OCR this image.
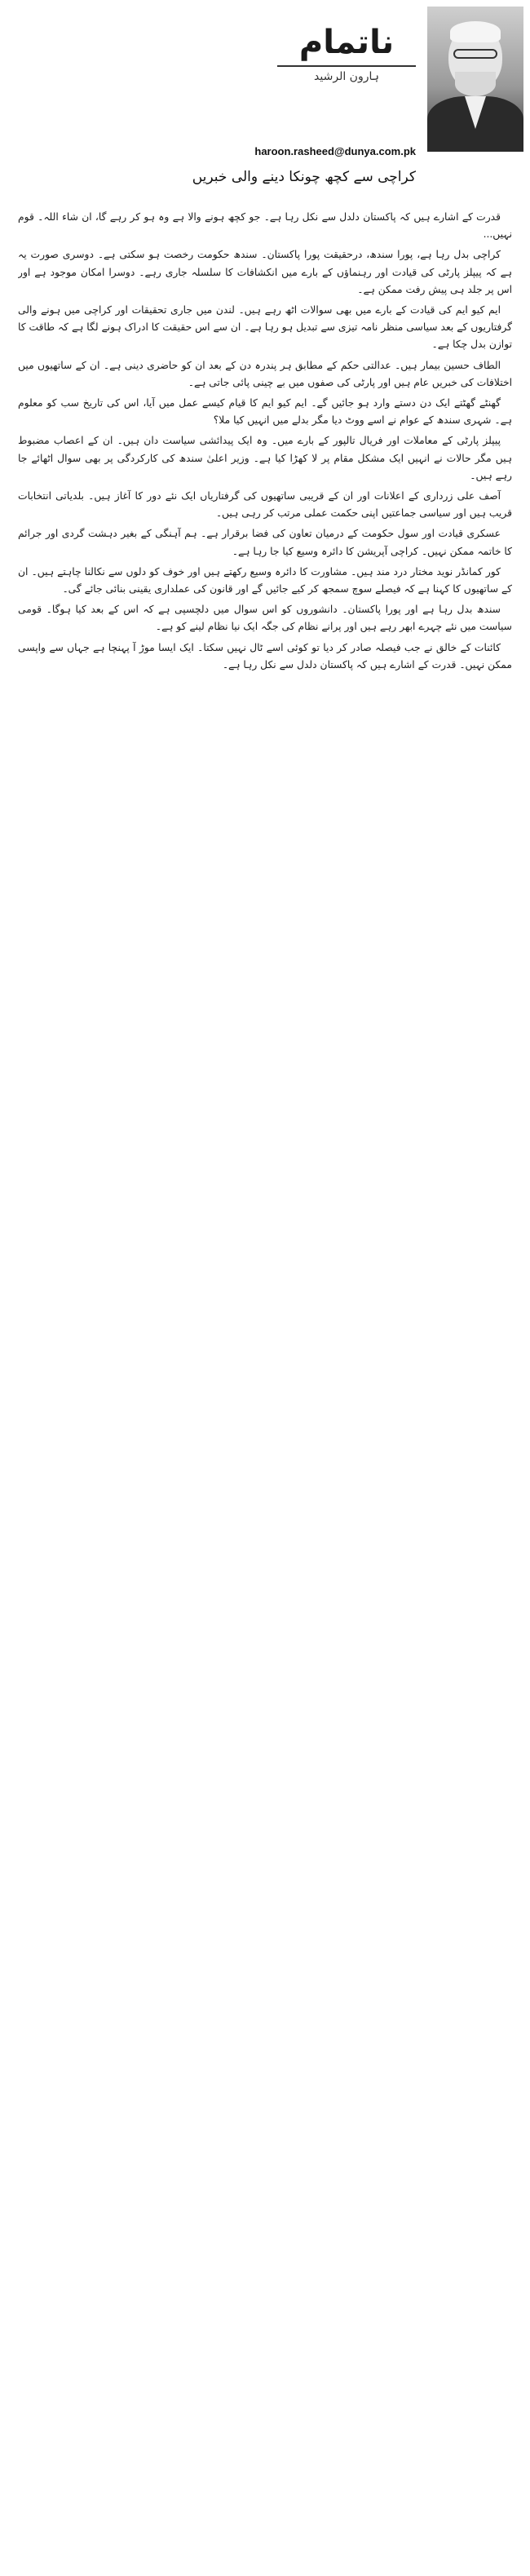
ناتمام
ہارون الرشید
haroon.rasheed@dunya.com.pk
کراچی سے کچھ چونکا دینے والی خبریں

قدرت کے اشارے ہیں کہ پاکستان دلدل سے نکل رہا ہے۔ جو کچھ ہونے والا ہے وہ ہو کر رہے گا، ان شاء اللہ۔ قوم نہیں...

کراچی بدل رہا ہے، پورا سندھ، درحقیقت پورا پاکستان۔ سندھ حکومت رخصت ہو سکتی ہے۔ دوسری صورت یہ ہے کہ پیپلز پارٹی کی قیادت اور رہنماؤں کے بارے میں انکشافات کا سلسلہ جاری رہے۔ دوسرا امکان موجود ہے اور اس پر جلد ہی پیش رفت ممکن ہے۔

ایم کیو ایم کی قیادت کے بارے میں بھی سوالات اٹھ رہے ہیں۔ لندن میں جاری تحقیقات اور کراچی میں ہونے والی گرفتاریوں کے بعد سیاسی منظر نامہ تیزی سے تبدیل ہو رہا ہے۔ ان سے اس حقیقت کا ادراک ہونے لگا ہے کہ طاقت کا توازن بدل چکا ہے۔

الطاف حسین بیمار ہیں۔ عدالتی حکم کے مطابق ہر پندرہ دن کے بعد ان کو حاضری دینی ہے۔ ان کے ساتھیوں میں اختلافات کی خبریں عام ہیں اور پارٹی کی صفوں میں بے چینی پائی جاتی ہے۔

گھنٹے گھٹتے ایک دن دستے وارد ہو جائیں گے۔ ایم کیو ایم کا قیام کیسے عمل میں آیا، اس کی تاریخ سب کو معلوم ہے۔ شہری سندھ کے عوام نے اسے ووٹ دیا مگر بدلے میں انہیں کیا ملا؟

پیپلز پارٹی کے معاملات اور فریال تالپور کے بارے میں۔ وہ ایک پیدائشی سیاست دان ہیں۔ ان کے اعصاب مضبوط ہیں مگر حالات نے انہیں ایک مشکل مقام پر لا کھڑا کیا ہے۔ وزیر اعلیٰ سندھ کی کارکردگی پر بھی سوال اٹھائے جا رہے ہیں۔

آصف علی زرداری کے اعلانات اور ان کے قریبی ساتھیوں کی گرفتاریاں ایک نئے دور کا آغاز ہیں۔ بلدیاتی انتخابات قریب ہیں اور سیاسی جماعتیں اپنی حکمت عملی مرتب کر رہی ہیں۔

عسکری قیادت اور سول حکومت کے درمیان تعاون کی فضا برقرار ہے۔ ہم آہنگی کے بغیر دہشت گردی اور جرائم کا خاتمہ ممکن نہیں۔ کراچی آپریشن کا دائرہ وسیع کیا جا رہا ہے۔

کور کمانڈر نوید مختار درد مند ہیں۔ مشاورت کا دائرہ وسیع رکھتے ہیں اور خوف کو دلوں سے نکالنا چاہتے ہیں۔ ان کے ساتھیوں کا کہنا ہے کہ فیصلے سوچ سمجھ کر کیے جائیں گے اور قانون کی عملداری یقینی بنائی جائے گی۔

سندھ بدل رہا ہے اور پورا پاکستان۔ دانشوروں کو اس سوال میں دلچسپی ہے کہ اس کے بعد کیا ہوگا۔ قومی سیاست میں نئے چہرے ابھر رہے ہیں اور پرانے نظام کی جگہ ایک نیا نظام لینے کو ہے۔

کائنات کے خالق نے جب فیصلہ صادر کر دیا تو کوئی اسے ٹال نہیں سکتا۔ ایک ایسا موڑ آ پہنچا ہے جہاں سے واپسی ممکن نہیں۔ قدرت کے اشارے ہیں کہ پاکستان دلدل سے نکل رہا ہے۔
